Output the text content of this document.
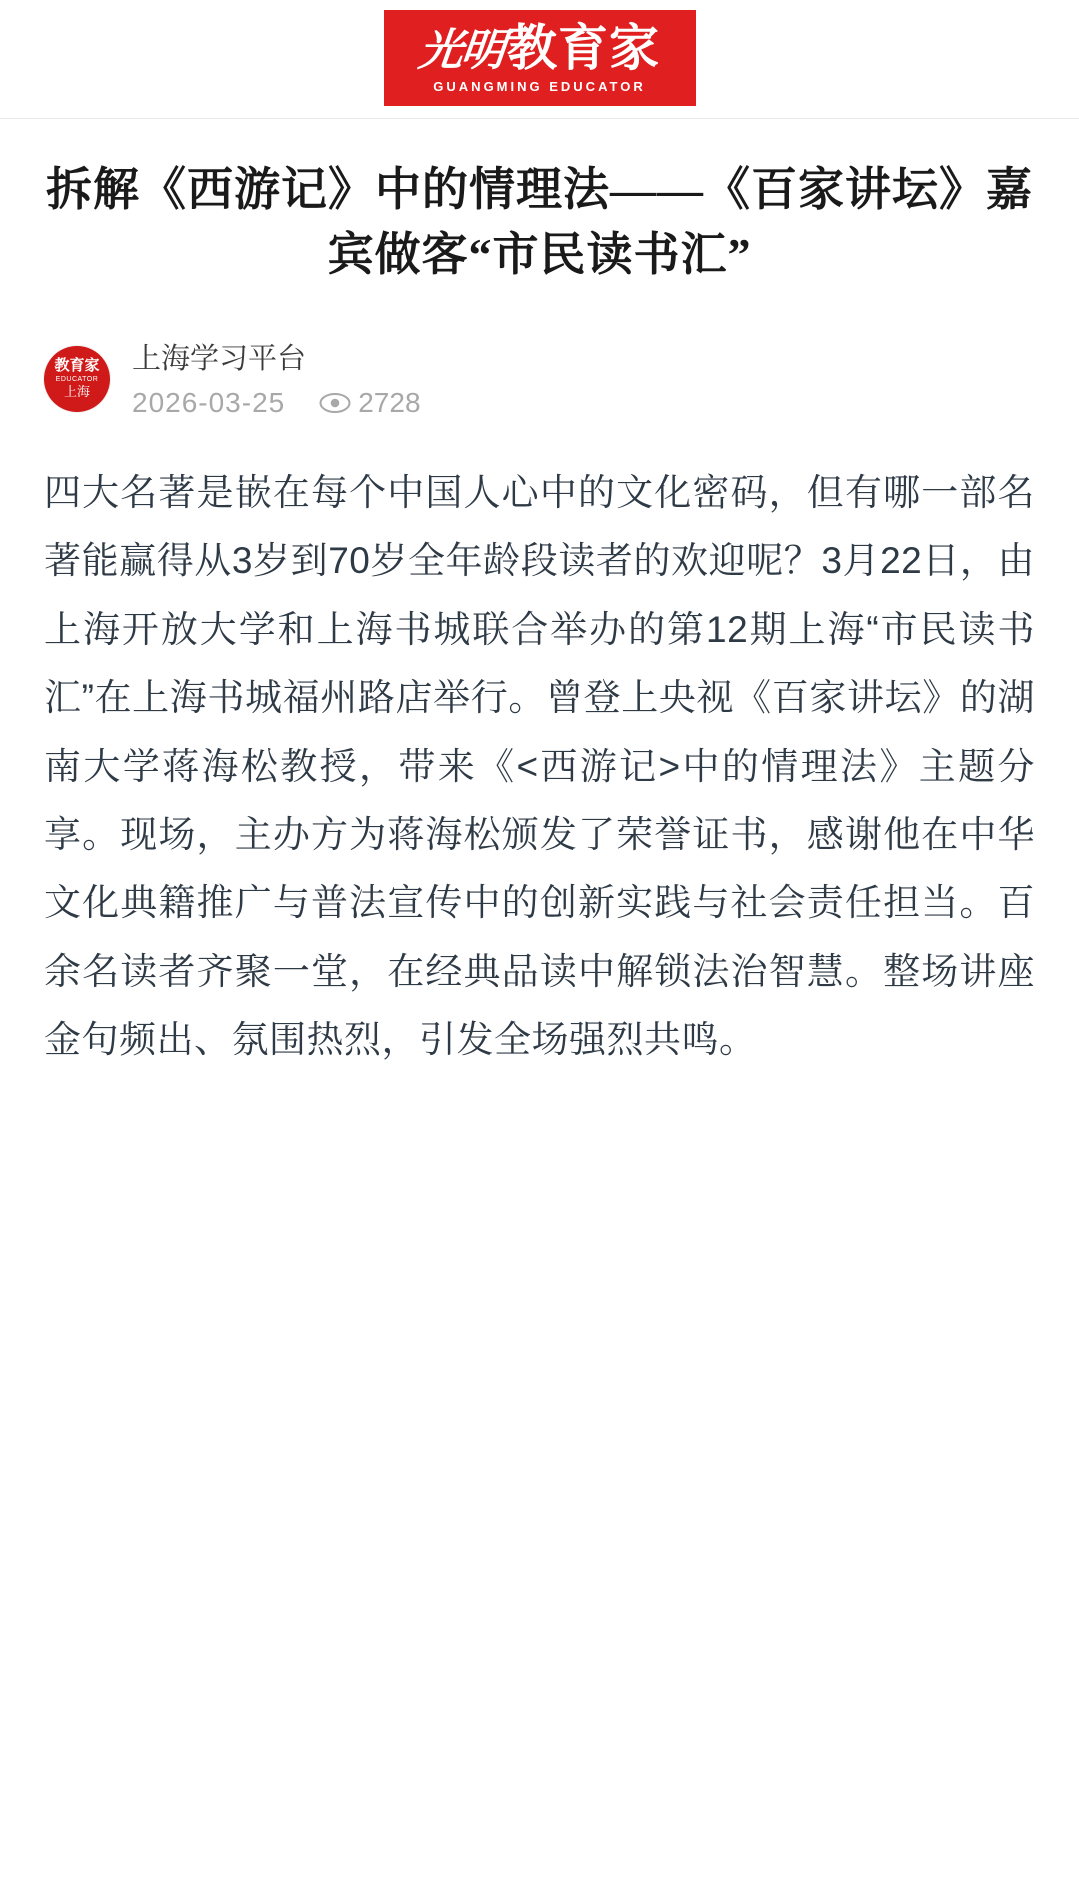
光明 教育家
GUANGMING EDUCATOR
拆解《西游记》中的情理法——《百家讲坛》嘉宾做客“市民读书汇”
教育家
EDUCATOR
上海
上海学习平台
2026-03-25	2728

四大名著是嵌在每个中国人心中的文化密码，但有哪一部名著能赢得从3岁到70岁全年龄段读者的欢迎呢？3月22日，由上海开放大学和上海书城联合举办的第12期上海“市民读书汇”在上海书城福州路店举行。曾登上央视《百家讲坛》的湖南大学蒋海松教授，带来《<西游记>中的情理法》主题分享。现场，主办方为蒋海松颁发了荣誉证书，感谢他在中华文化典籍推广与普法宣传中的创新实践与社会责任担当。百余名读者齐聚一堂，在经典品读中解锁法治智慧。整场讲座金句频出、氛围热烈，引发全场强烈共鸣。
